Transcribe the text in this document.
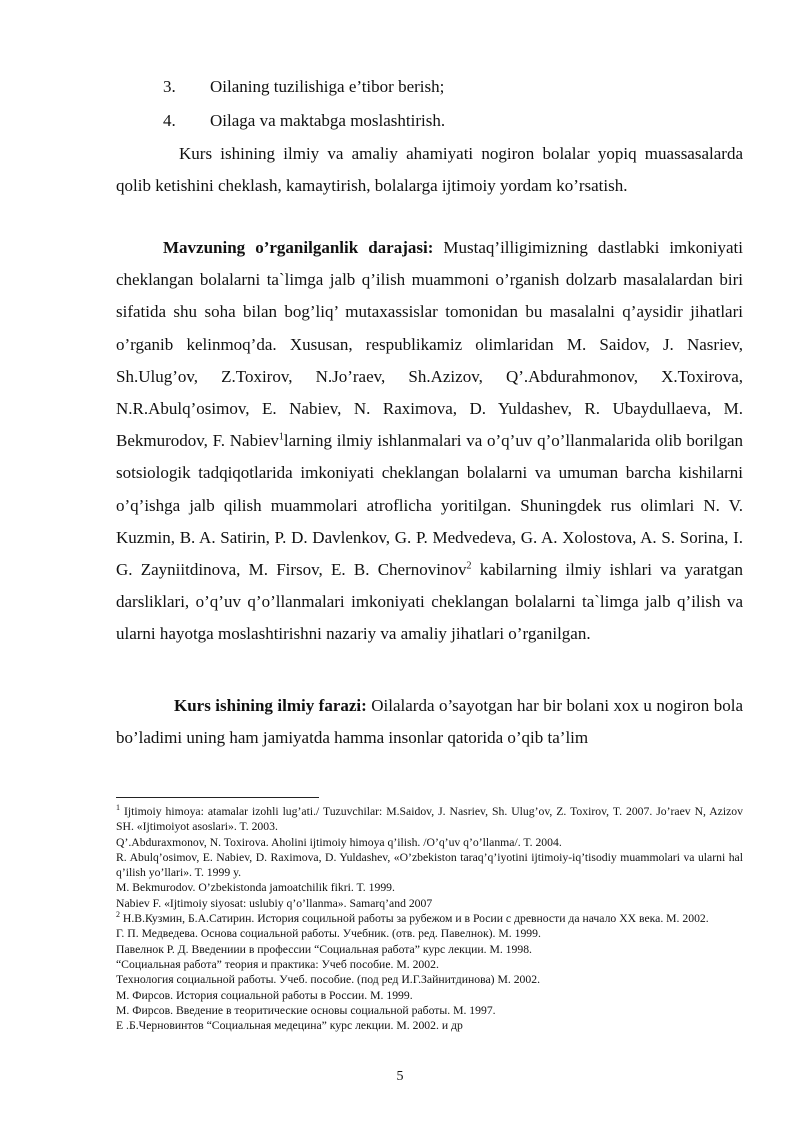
3. Oilaning tuzilishiga e’tibor berish;
4. Oilaga va maktabga moslashtirish.
Kurs ishining ilmiy va amaliy ahamiyati nogiron bolalar yopiq muassasalarda qolib ketishini cheklash, kamaytirish, bolalarga ijtimoiy yordam ko’rsatish.
Mavzuning o’rganilganlik darajasi: Mustaq’illigimizning dastlabki imkoniyati cheklangan bolalarni ta`limga jalb q’ilish muammoni o’rganish dolzarb masalalardan biri sifatida shu soha bilan bog’liq’ mutaxassislar tomonidan bu masalalni q’aysidir jihatlari o’rganib kelinmoq’da. Xususan, respublikamiz olimlaridan M. Saidov, J. Nasriev, Sh.Ulug’ov, Z.Toxirov, N.Jo’raev, Sh.Azizov, Q’.Abdurahmonov, X.Toxirova, N.R.Abulq’osimov, E. Nabiev, N. Raximova, D. Yuldashev, R. Ubaydullaeva, M. Bekmurodov, F. Nabiev$^1$larning ilmiy ishlanmalari va o’q’uv q’o’llanmalarida olib borilgan sotsiologik tadqiqotlarida imkoniyati cheklangan bolalarni va umuman barcha kishilarni o’q’ishga jalb qilish muammolari atroflicha yoritilgan. Shuningdek rus olimlari N. V. Kuzmin, B. A. Satirin, P. D. Davlenkov, G. P. Medvedeva, G. A. Xolostova, A. S. Sorina, I. G. Zayniitdinova, M. Firsov, E. B. Chernovinov$^2$ kabilarning ilmiy ishlari va yaratgan darsliklari, o’q’uv q’o’llanmalari imkoniyati cheklangan bolalarni ta`limga jalb q’ilish va ularni hayotga moslashtirishni nazariy va amaliy jihatlari o’rganilgan.
Kurs ishining ilmiy farazi: Oilalarda o’sayotgan har bir bolani xox u nogiron bola bo’ladimi uning ham jamiyatda hamma insonlar qatorida o’qib ta’lim
$^1$ Ijtimoiy himoya: atamalar izohli lug’ati./ Tuzuvchilar: M.Saidov, J. Nasriev, Sh. Ulug’ov, Z. Toxirov, T. 2007. Jo’raev N, Azizov SH. «Ijtimoiyot asoslari». T. 2003.
Q’.Abduraxmonov, N. Toxirova. Aholini ijtimoiy himoya q’ilish. /O’q’uv q’o’llanma/. T. 2004.
R. Abulq’osimov, E. Nabiev, D. Raximova, D. Yuldashev, «O’zbekiston taraq’q’iyotini ijtimoiy-iq’tisodiy muammolari va ularni hal q’ilish yo’llari». T. 1999 y.
M. Bekmurodov. O’zbekistonda jamoatchilik fikri. T. 1999.
Nabiev F. «Ijtimoiy siyosat: uslubiy q’o’llanma». Samarq’and 2007
$^2$ Н.В.Кузмин, Б.А.Сатирин. История социльной работы за рубежом и в Росии с древности да начало ХХ века. М. 2002.
Г. П. Медведева. Основа социальной работы. Учебник. (отв. ред. Павелнок). М. 1999.
Павелнок Р. Д. Введениии в профессии “Социальная работа” курс лекции. М. 1998.
“Социальная работа” теория и практика: Учеб пособие. М. 2002.
Технология социальной работы. Учеб. пособие. (под ред И.Г.Зайнитдинова) М. 2002.
М. Фирсов. История социальной работы в России. М. 1999.
М. Фирсов. Введение в теоритические основы социальной работы. М. 1997.
Е .Б.Черновинтов “Социальная медецина” курс лекции. М. 2002. и др
5
